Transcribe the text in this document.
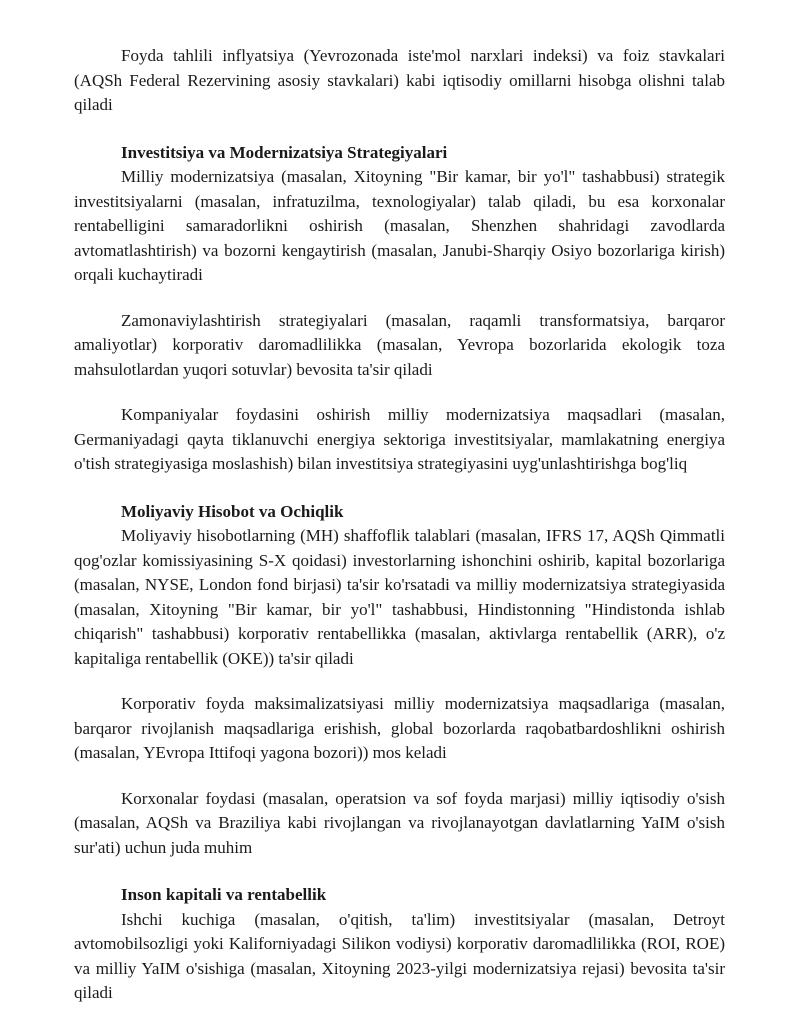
Foyda tahlili inflyatsiya (Yevrozonada iste'mol narxlari indeksi) va foiz stavkalari (AQSh Federal Rezervining asosiy stavkalari) kabi iqtisodiy omillarni hisobga olishni talab qiladi

Investitsiya va Modernizatsiya Strategiyalari

Milliy modernizatsiya (masalan, Xitoyning "Bir kamar, bir yo'l" tashabbusi) strategik investitsiyalarni (masalan, infratuzilma, texnologiyalar) talab qiladi, bu esa korxonalar rentabelligini samaradorlikni oshirish (masalan, Shenzhen shahridagi zavodlarda avtomatlashtirish) va bozorni kengaytirish (masalan, Janubi-Sharqiy Osiyo bozorlariga kirish) orqali kuchaytiradi

Zamonaviylashtirish strategiyalari (masalan, raqamli transformatsiya, barqaror amaliyotlar) korporativ daromadlilikka (masalan, Yevropa bozorlarida ekologik toza mahsulotlardan yuqori sotuvlar) bevosita ta'sir qiladi

Kompaniyalar foydasini oshirish milliy modernizatsiya maqsadlari (masalan, Germaniyadagi qayta tiklanuvchi energiya sektoriga investitsiyalar, mamlakatning energiya o'tish strategiyasiga moslashish) bilan investitsiya strategiyasini uyg'unlashtirishga bog'liq

Moliyaviy Hisobot va Ochiqlik

Moliyaviy hisobotlarning (MH) shaffoflik talablari (masalan, IFRS 17, AQSh Qimmatli qog'ozlar komissiyasining S-X qoidasi) investorlarning ishonchini oshirib, kapital bozorlariga (masalan, NYSE, London fond birjasi) ta'sir ko'rsatadi va milliy modernizatsiya strategiyasida (masalan, Xitoyning "Bir kamar, bir yo'l" tashabbusi, Hindistonning "Hindistonda ishlab chiqarish" tashabbusi) korporativ rentabellikka (masalan, aktivlarga rentabellik (ARR), o'z kapitaliga rentabellik (OKE)) ta'sir qiladi

Korporativ foyda maksimalizatsiyasi milliy modernizatsiya maqsadlariga (masalan, barqaror rivojlanish maqsadlariga erishish, global bozorlarda raqobatbardoshlikni oshirish (masalan, YEvropa Ittifoqi yagona bozori)) mos keladi

Korxonalar foydasi (masalan, operatsion va sof foyda marjasi) milliy iqtisodiy o'sish (masalan, AQSh va Braziliya kabi rivojlangan va rivojlanayotgan davlatlarning YaIM o'sish sur'ati) uchun juda muhim

Inson kapitali va rentabellik

Ishchi kuchiga (masalan, o'qitish, ta'lim) investitsiyalar (masalan, Detroyt avtomobilsozligi yoki Kaliforniyadagi Silikon vodiysi) korporativ daromadlilikka (ROI, ROE) va milliy YaIM o'sishiga (masalan, Xitoyning 2023-yilgi modernizatsiya rejasi) bevosita ta'sir qiladi
